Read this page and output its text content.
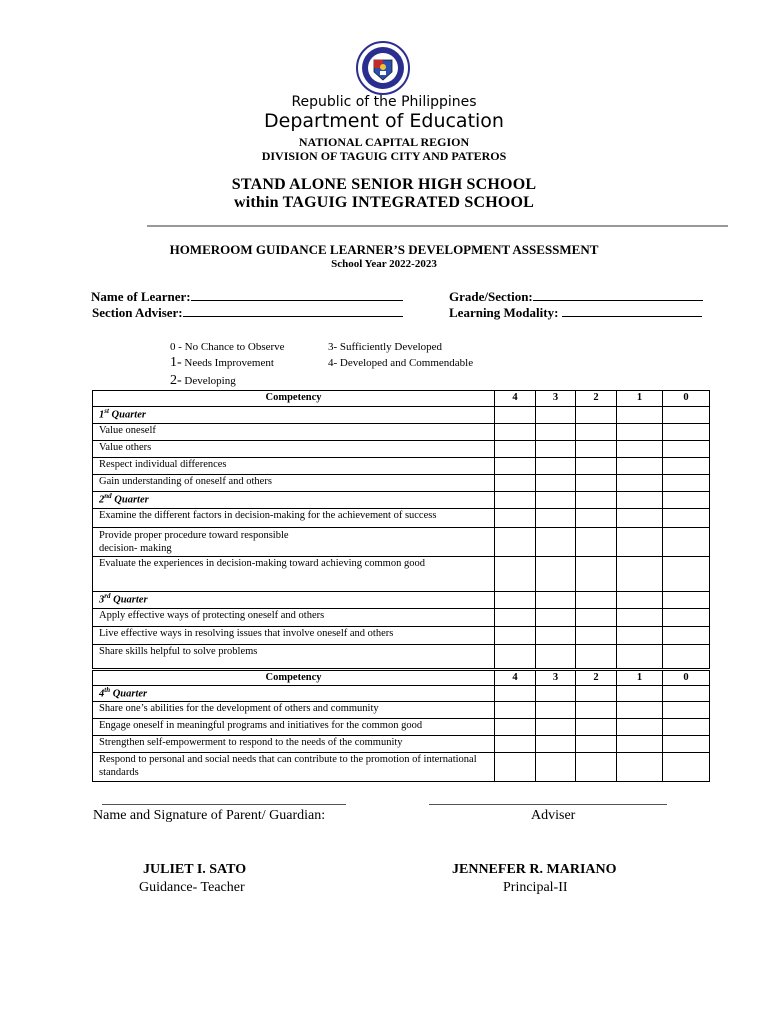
Republic of the Philippines
Department of Education
NATIONAL CAPITAL REGION
DIVISION OF TAGUIG CITY AND PATEROS
STAND ALONE SENIOR HIGH SCHOOL
within TAGUIG INTEGRATED SCHOOL
HOMEROOM GUIDANCE LEARNER’S DEVELOPMENT ASSESSMENT
School Year 2022-2023
Name of Learner:
Section Adviser:
Grade/Section:
Learning Modality:
0 - No Chance to Observe
1- Needs Improvement
2- Developing
3- Sufficiently Developed
4- Developed and Commendable
Competency	4	3	2	1	0
1st Quarter					
Value oneself					
Value others					
Respect individual differences					
Gain understanding of oneself and others					
2nd Quarter					
Examine the different factors in decision-making for the achievement of success					

Provide proper procedure toward responsible
decision- making					

Evaluate the experiences in decision-making toward achieving common good					
3rd Quarter					
Apply effective ways of protecting oneself and others					
Live effective ways in resolving issues that involve oneself and others					
Share skills helpful to solve problems					
Competency	4	3	2	1	0
4th Quarter					
Share one’s abilities for the development of others and community					
Engage oneself in meaningful programs and initiatives for the common good					
Strengthen self-empowerment to respond to the needs of the community					
Respond to personal and social needs that can contribute to the promotion of international standards					
Name and Signature of Parent/ Guardian:	Adviser
JULIET I. SATO
Guidance- Teacher
JENNEFER R. MARIANO
Principal-II
